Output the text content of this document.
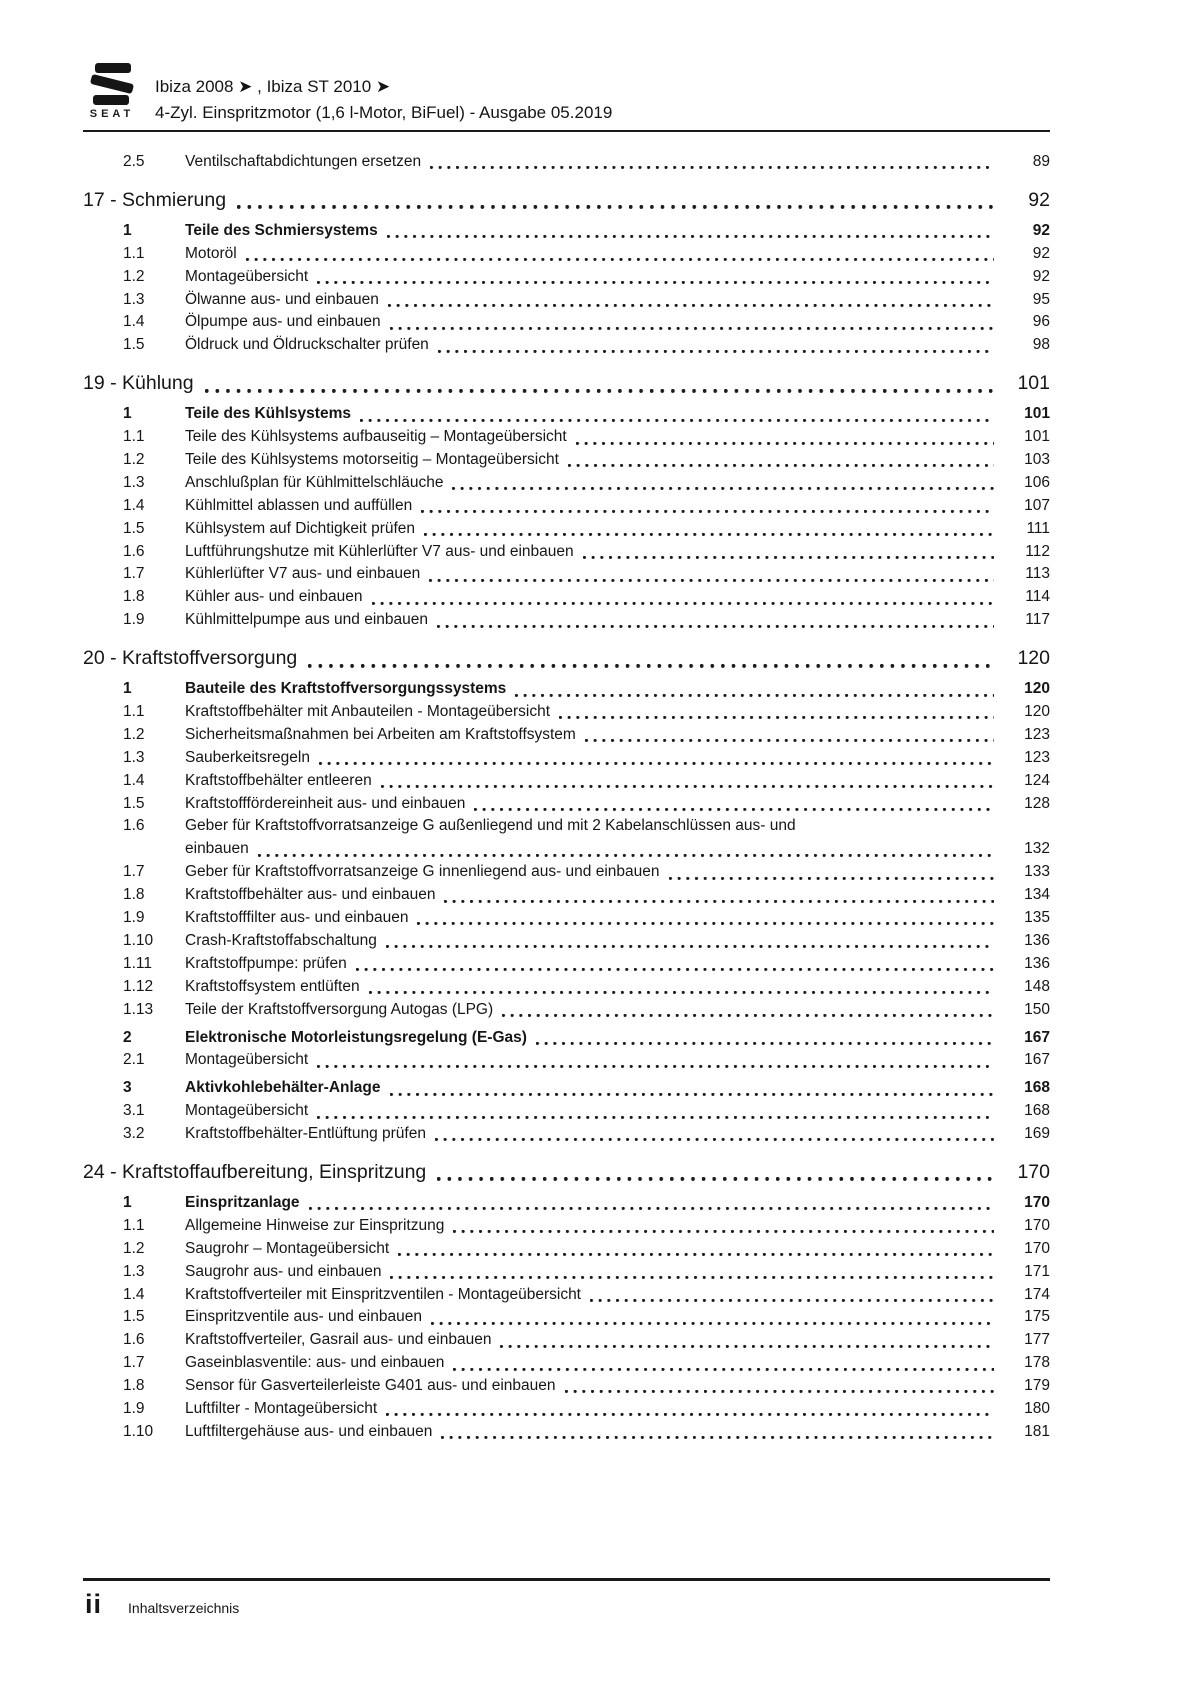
SEAT
Ibiza 2008 ➤ , Ibiza ST 2010 ➤
4-Zyl. Einspritzmotor (1,6 l-Motor, BiFuel) - Ausgabe 05.2019
2.5	Ventilschaftabdichtungen ersetzen	89
17 - Schmierung	92
1	Teile des Schmiersystems	92
1.1	Motoröl	92
1.2	Montageübersicht	92
1.3	Ölwanne aus- und einbauen	95
1.4	Ölpumpe aus- und einbauen	96
1.5	Öldruck und Öldruckschalter prüfen	98
19 - Kühlung	101
1	Teile des Kühlsystems	101
1.1	Teile des Kühlsystems aufbauseitig – Montageübersicht	101
1.2	Teile des Kühlsystems motorseitig – Montageübersicht	103
1.3	Anschlußplan für Kühlmittelschläuche	106
1.4	Kühlmittel ablassen und auffüllen	107
1.5	Kühlsystem auf Dichtigkeit prüfen	111
1.6	Luftführungshutze mit Kühlerlüfter V7 aus- und einbauen	112
1.7	Kühlerlüfter V7 aus- und einbauen	113
1.8	Kühler aus- und einbauen	114
1.9	Kühlmittelpumpe aus und einbauen	117
20 - Kraftstoffversorgung	120
1	Bauteile des Kraftstoffversorgungssystems	120
1.1	Kraftstoffbehälter mit Anbauteilen - Montageübersicht	120
1.2	Sicherheitsmaßnahmen bei Arbeiten am Kraftstoffsystem	123
1.3	Sauberkeitsregeln	123
1.4	Kraftstoffbehälter entleeren	124
1.5	Kraftstofffördereinheit aus- und einbauen	128
1.6	Geber für Kraftstoffvorratsanzeige G außenliegend und mit 2 Kabelanschlüssen aus- und
einbauen	132
1.7	Geber für Kraftstoffvorratsanzeige G innenliegend aus- und einbauen	133
1.8	Kraftstoffbehälter aus- und einbauen	134
1.9	Kraftstofffilter aus- und einbauen	135
1.10	Crash-Kraftstoffabschaltung	136
1.11	Kraftstoffpumpe: prüfen	136
1.12	Kraftstoffsystem entlüften	148
1.13	Teile der Kraftstoffversorgung Autogas (LPG)	150
2	Elektronische Motorleistungsregelung (E-Gas)	167
2.1	Montageübersicht	167
3	Aktivkohlebehälter-Anlage	168
3.1	Montageübersicht	168
3.2	Kraftstoffbehälter-Entlüftung prüfen	169
24 - Kraftstoffaufbereitung, Einspritzung	170
1	Einspritzanlage	170
1.1	Allgemeine Hinweise zur Einspritzung	170
1.2	Saugrohr – Montageübersicht	170
1.3	Saugrohr aus- und einbauen	171
1.4	Kraftstoffverteiler mit Einspritzventilen - Montageübersicht	174
1.5	Einspritzventile aus- und einbauen	175
1.6	Kraftstoffverteiler, Gasrail aus- und einbauen	177
1.7	Gaseinblasventile: aus- und einbauen	178
1.8	Sensor für Gasverteilerleiste G401 aus- und einbauen	179
1.9	Luftfilter - Montageübersicht	180
1.10	Luftfiltergehäuse aus- und einbauen	181
ii Inhaltsverzeichnis
